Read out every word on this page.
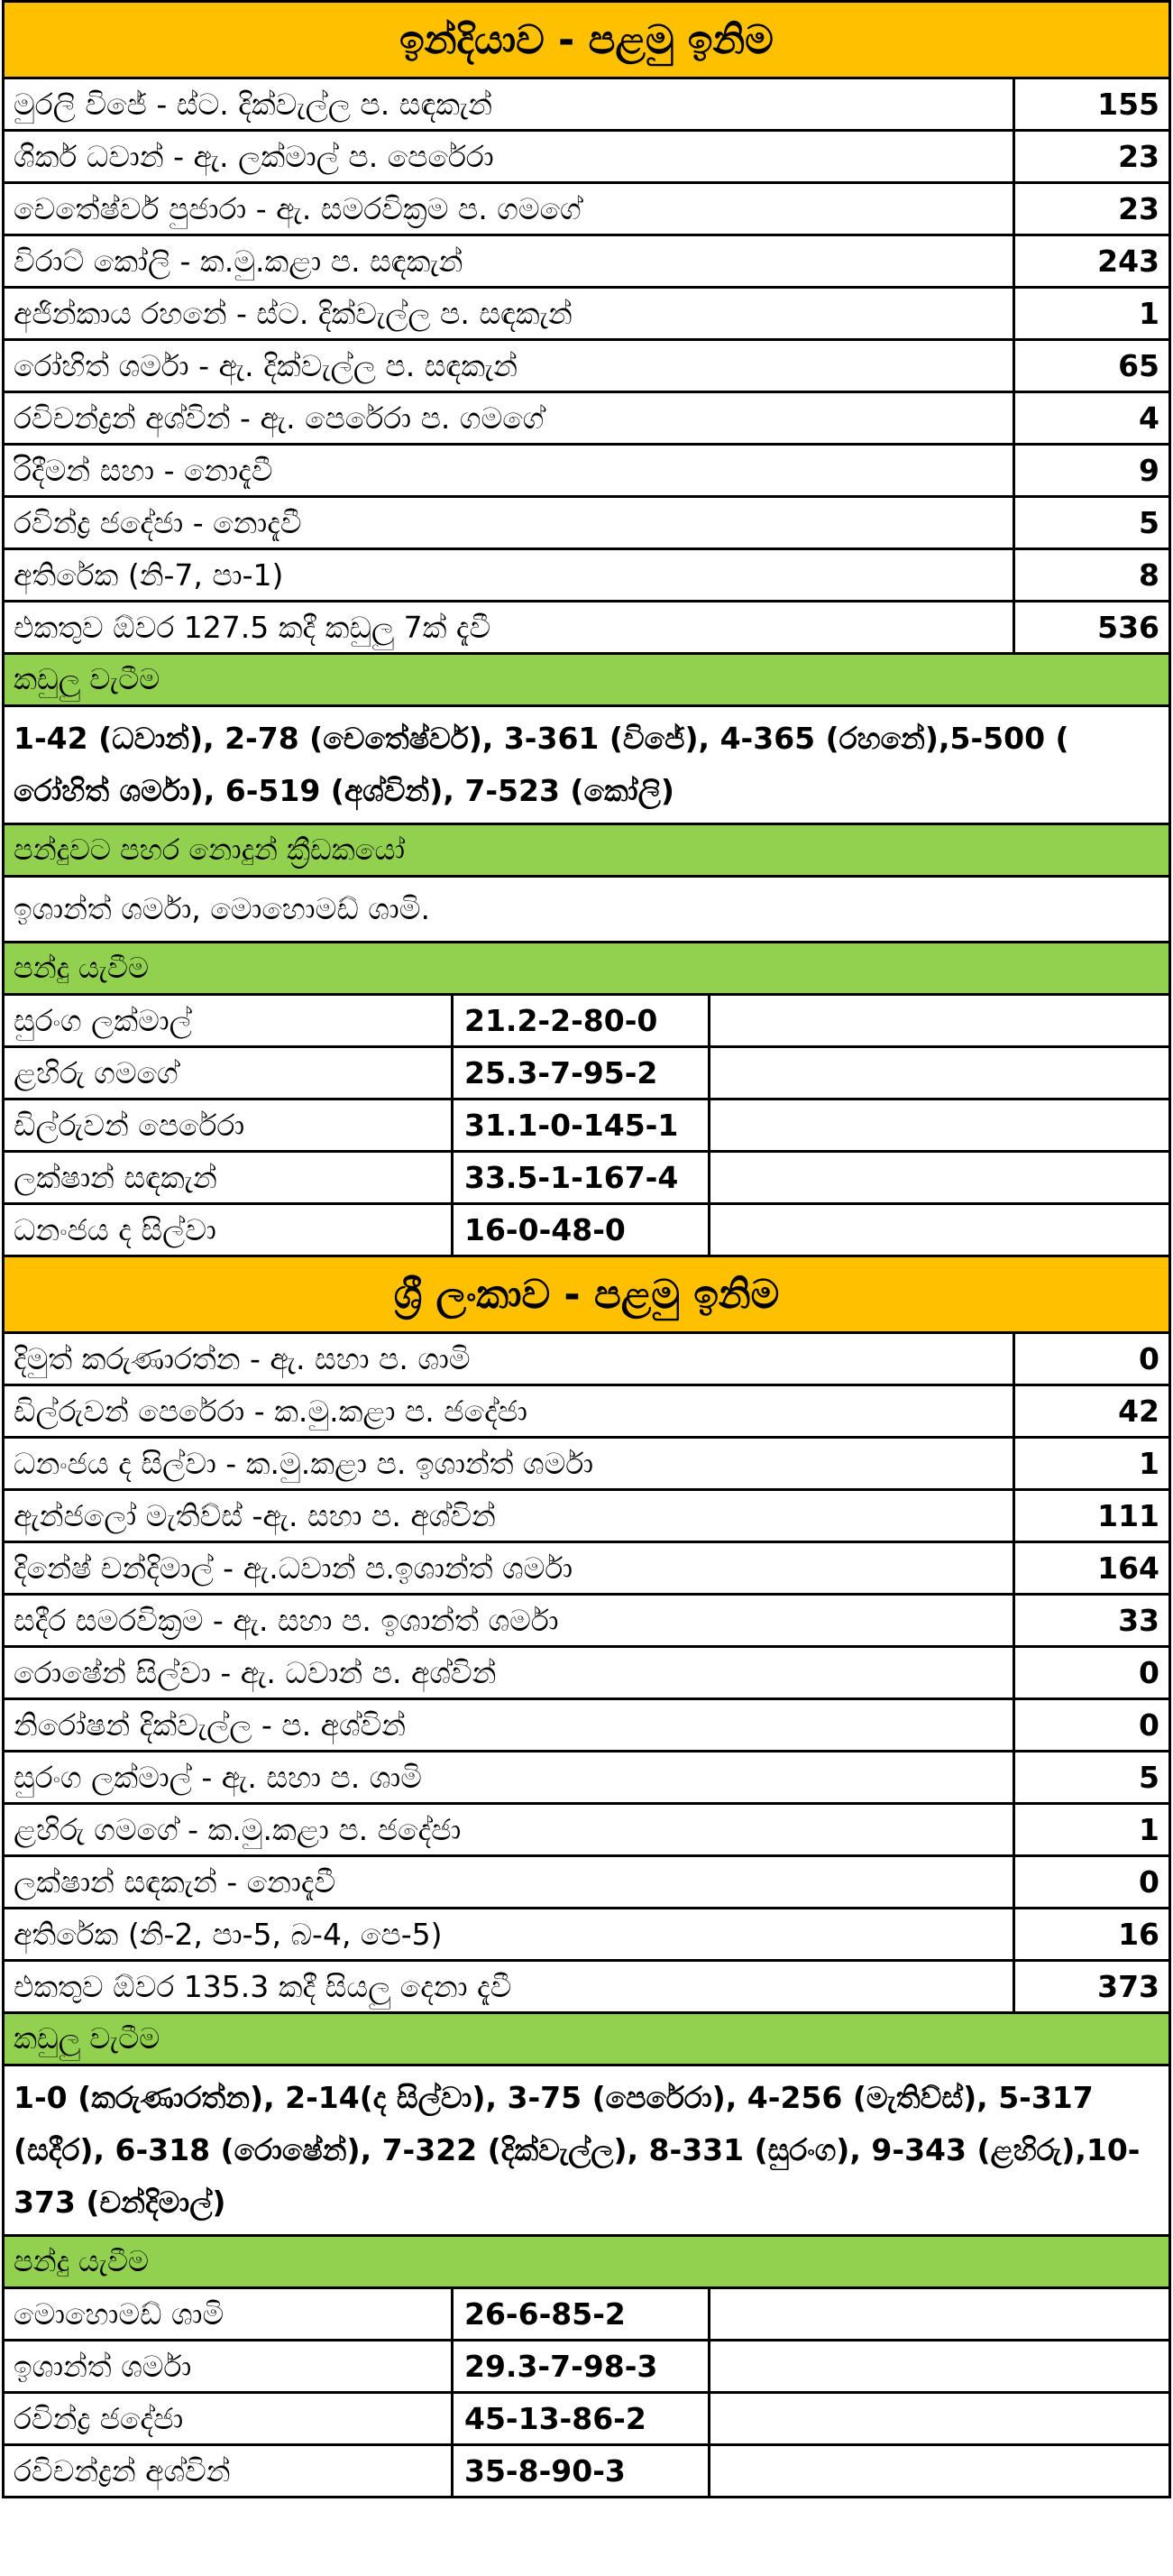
ඉන්දියාව - පළමු ඉනිම
මුරලි විජේ - ස්ට. දික්වැල්ල ප. සඳකැන්	155
ශිකර් ධවාන් - ඇ. ලක්මාල් ප. පෙරේරා	23
චෙතේෂ්වර් පුජාරා - ඇ. සමරවික්‍රම ප. ගමගේ	23
විරාට් කෝලි - ක.මු.කළා ප. සඳකැන්	243
අජින්කාය රහනේ - ස්ට. දික්වැල්ල ප. සඳකැන්	1
රෝහිත් ශර්මා - ඇ. දික්වැල්ල ප. සඳකැන්	65
රවිචන්ද්‍රන් අශ්වින් - ඇ. පෙරේරා ප. ගමගේ	4
රිදීමන් සහා - නොදැවී	9
රවින්ද්‍ර ජදේජා - නොදැවී	5
අතිරේක (නි-7, පා-1)	8
එකතුව ඕවර 127.5 කදී කඩුලු 7ක් දැවී	536
කඩුලු වැටීම
1-42 (ධවාන්), 2-78 (චෙතේෂ්වර්), 3-361 (විජේ), 4-365 (රහනේ),5-500 ( රෝහිත් ශර්මා), 6-519 (අශ්වින්), 7-523 (කෝලි)
පන්දුවට පහර නොදුන් ක්‍රීඩකයෝ
ඉශාන්ත් ශර්මා, මොහොමඩ් ශාමි.
පන්දු යැවීම
සුරංග ලක්මාල්	21.2-2-80-0
ළහිරු ගමගේ	25.3-7-95-2
ඩිල්රුවන් පෙරේරා	31.1-0-145-1
ලක්ෂාන් සඳකැන්	33.5-1-167-4
ධනංජය ද සිල්වා	16-0-48-0
ශ්‍රී ලංකාව - පළමු ඉනිම
දිමුත් කරුණාරත්න - ඇ. සහා ප. ශාමි	0
ඩිල්රුවන් පෙරේරා - ක.මු.කළා ප. ජදේජා	42
ධනංජය ද සිල්වා - ක.මු.කළා ප. ඉශාන්ත් ශර්මා	1
ඇන්ජලෝ මැතිව්ස් -ඇ. සහා ප. අශ්වින්	111
දිනේෂ් චන්දිමාල් - ඇ.ධවාන් ප.ඉශාන්ත් ශර්මා	164
සදීර සමරවික්‍රම - ඇ. සහා ප. ඉශාන්ත් ශර්මා	33
රොෂේන් සිල්වා - ඇ. ධවාන් ප. අශ්වින්	0
නිරෝෂන් දික්වැල්ල - ප. අශ්වින්	0
සුරංග ලක්මාල් - ඇ. සහා ප. ශාමි	5
ළහිරු ගමගේ - ක.මු.කළා ප. ජදේජා	1
ලක්ෂාන් සඳකැන් - නොදැවී	0
අතිරේක (නි-2, පා-5, බ-4, පෙ-5)	16
එකතුව ඕවර 135.3 කදී සියලු දෙනා දැවී	373
කඩුලු වැටීම
1-0 (කරුණාරත්න), 2-14(ද සිල්වා), 3-75 (පෙරේරා), 4-256 (මැතිව්ස්), 5-317 (සදීර), 6-318 (රොෂේන්), 7-322 (දික්වැල්ල), 8-331 (සුරංග), 9-343 (ළහිරු),10-373 (චන්දිමාල්)
පන්දු යැවීම
මොහොමඩ් ශාමි	26-6-85-2
ඉශාන්ත් ශර්මා	29.3-7-98-3
රවින්ද්‍ර ජදේජා	45-13-86-2
රවිචන්ද්‍රන් අශ්වින්	35-8-90-3
